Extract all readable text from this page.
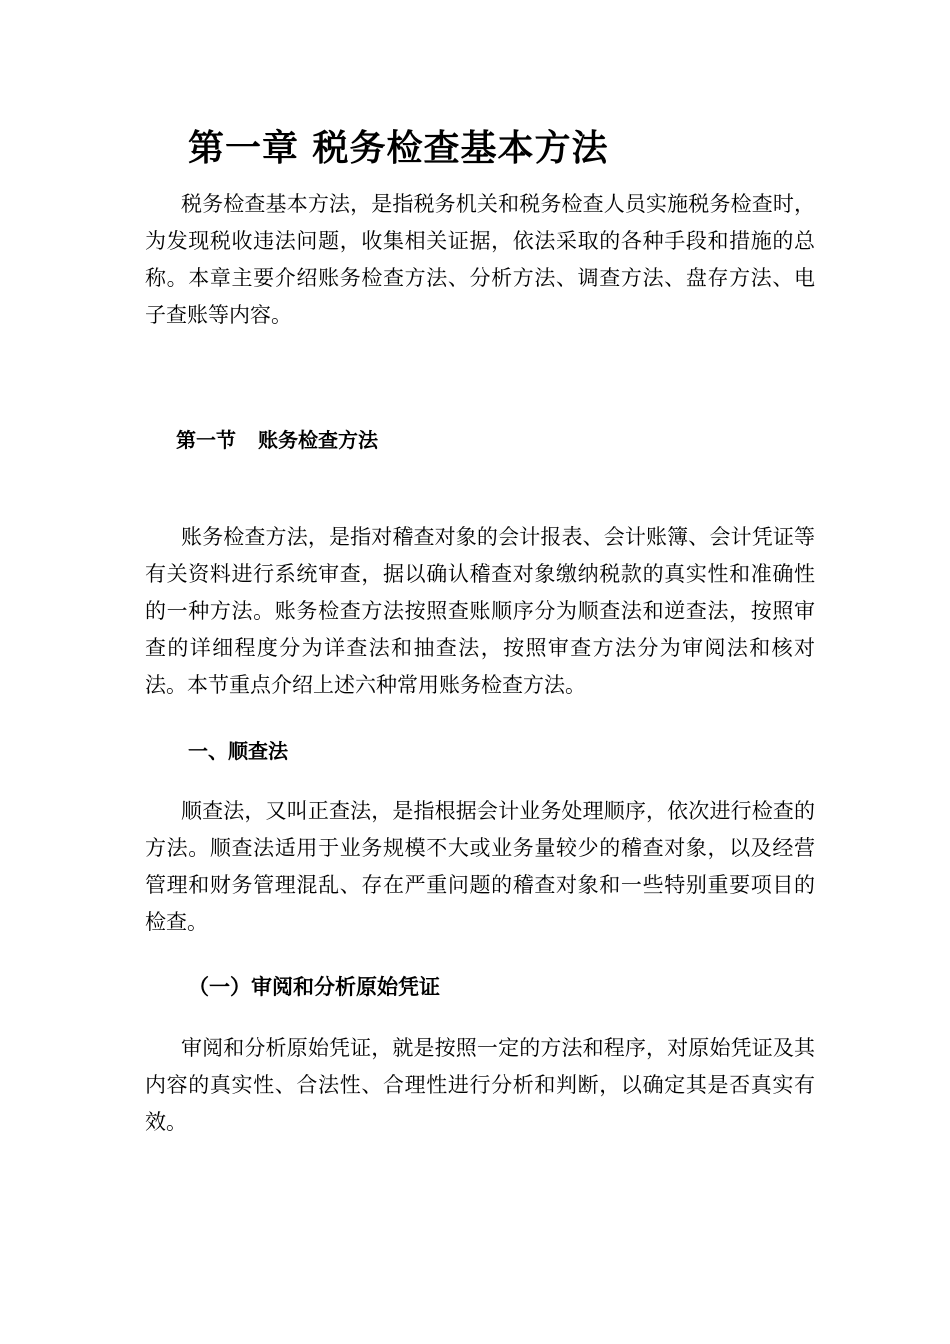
第一章 税务检查基本方法

税务检查基本方法，是指税务机关和税务检查人员实施税务检查时，为发现税收违法问题，收集相关证据，依法采取的各种手段和措施的总称。本章主要介绍账务检查方法、分析方法、调查方法、盘存方法、电子查账等内容。

第一节 账务检查方法

账务检查方法，是指对稽查对象的会计报表、会计账簿、会计凭证等有关资料进行系统审查，据以确认稽查对象缴纳税款的真实性和准确性的一种方法。账务检查方法按照查账顺序分为顺查法和逆查法，按照审查的详细程度分为详查法和抽查法，按照审查方法分为审阅法和核对法。本节重点介绍上述六种常用账务检查方法。

一、顺查法

顺查法，又叫正查法，是指根据会计业务处理顺序，依次进行检查的方法。顺查法适用于业务规模不大或业务量较少的稽查对象，以及经营管理和财务管理混乱、存在严重问题的稽查对象和一些特别重要项目的检查。

（一）审阅和分析原始凭证

审阅和分析原始凭证，就是按照一定的方法和程序，对原始凭证及其内容的真实性、合法性、合理性进行分析和判断，以确定其是否真实有效。
